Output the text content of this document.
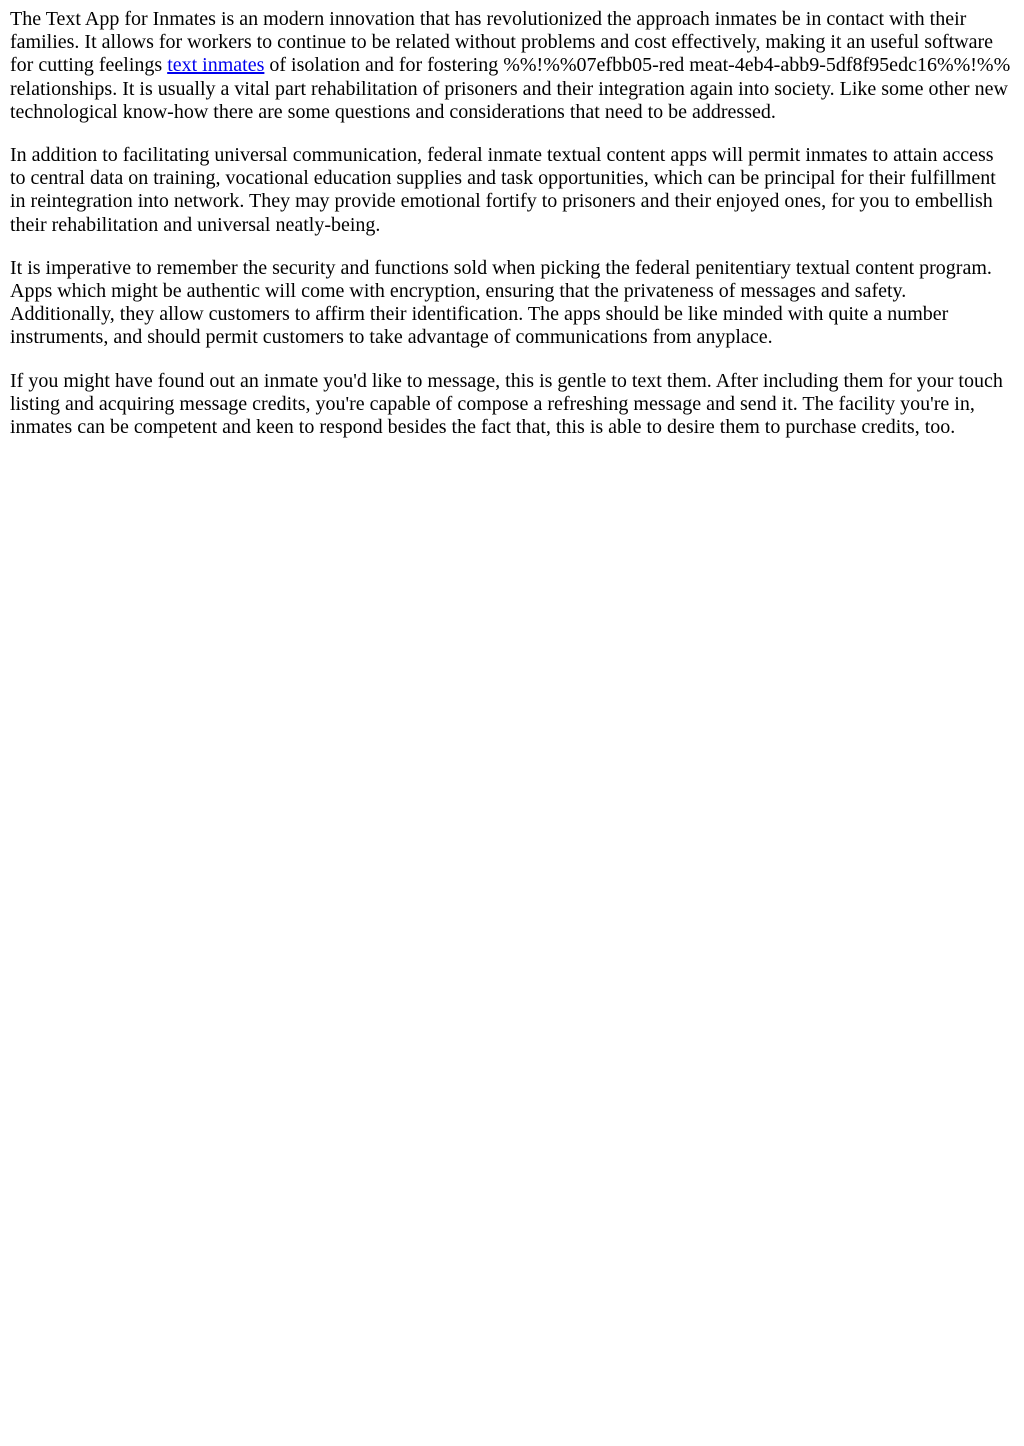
The Text App for Inmates is an modern innovation that has revolutionized the approach inmates be in contact with their families. It allows for workers to continue to be related without problems and cost effectively, making it an useful software for cutting feelings text inmates of isolation and for fostering %%!%%07efbb05-red meat-4eb4-abb9-5df8f95edc16%%!%% relationships. It is usually a vital part rehabilitation of prisoners and their integration again into society. Like some other new technological know-how there are some questions and considerations that need to be addressed.

In addition to facilitating universal communication, federal inmate textual content apps will permit inmates to attain access to central data on training, vocational education supplies and task opportunities, which can be principal for their fulfillment in reintegration into network. They may provide emotional fortify to prisoners and their enjoyed ones, for you to embellish their rehabilitation and universal neatly-being.

It is imperative to remember the security and functions sold when picking the federal penitentiary textual content program. Apps which might be authentic will come with encryption, ensuring that the privateness of messages and safety. Additionally, they allow customers to affirm their identification. The apps should be like minded with quite a number instruments, and should permit customers to take advantage of communications from anyplace.

If you might have found out an inmate you'd like to message, this is gentle to text them. After including them for your touch listing and acquiring message credits, you're capable of compose a refreshing message and send it. The facility you're in, inmates can be competent and keen to respond besides the fact that, this is able to desire them to purchase credits, too.
